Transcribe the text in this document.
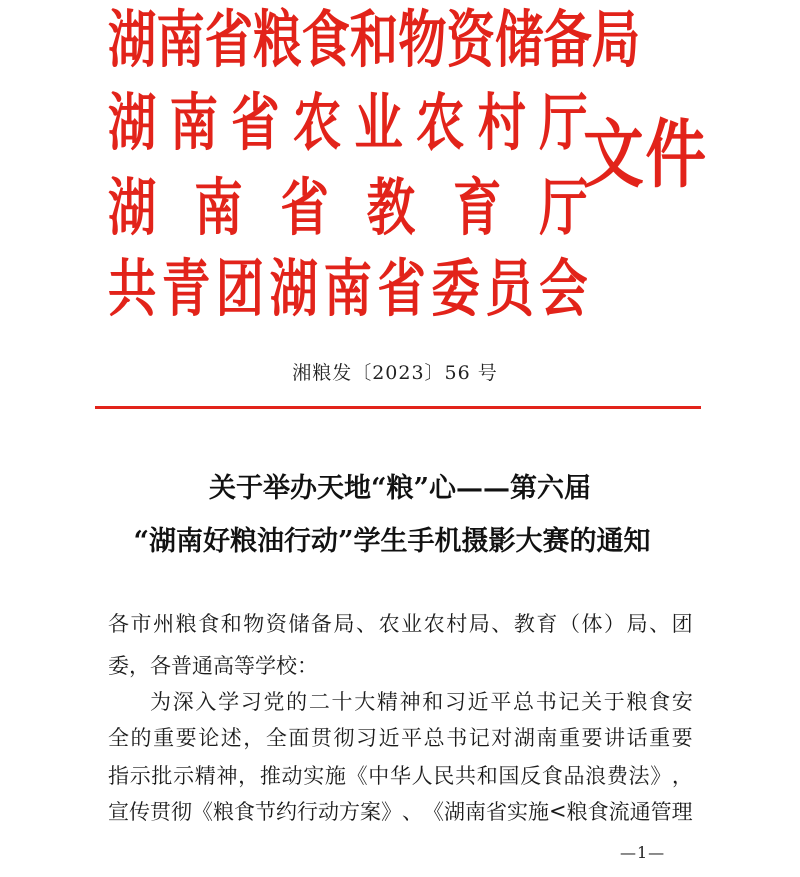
湖 南 省 粮 食 和 物 资 储 备 局
湖 南 省 农 业 农 村 厅
湖 南 省 教 育 厅
共 青 团 湖 南 省 委 员 会
文件
湘粮发〔2023〕56 号
关于举办天地“粮”心——第六届
“湖南好粮油行动”学生手机摄影大赛的通知
各 市 州 粮 食 和 物 资 储 备 局 、 农 业 农 村 局 、 教 育 （ 体 ） 局 、 团
委，各普通高等学校：
为 深 入 学 习 党 的 二 十 大 精 神 和 习 近 平 总 书 记 关 于 粮 食 安
全 的 重 要 论 述 ， 全 面 贯 彻 习 近 平 总 书 记 对 湖 南 重 要 讲 话 重 要
指 示 批 示 精 神 ， 推 动 实 施 《 中 华 人 民 共 和 国 反 食 品 浪 费 法 》 ，
宣 传 贯 彻 《 粮 食 节 约 行 动 方 案 》 、 《 湖 南 省 实 施 < 粮 食 流 通 管 理
—1—
